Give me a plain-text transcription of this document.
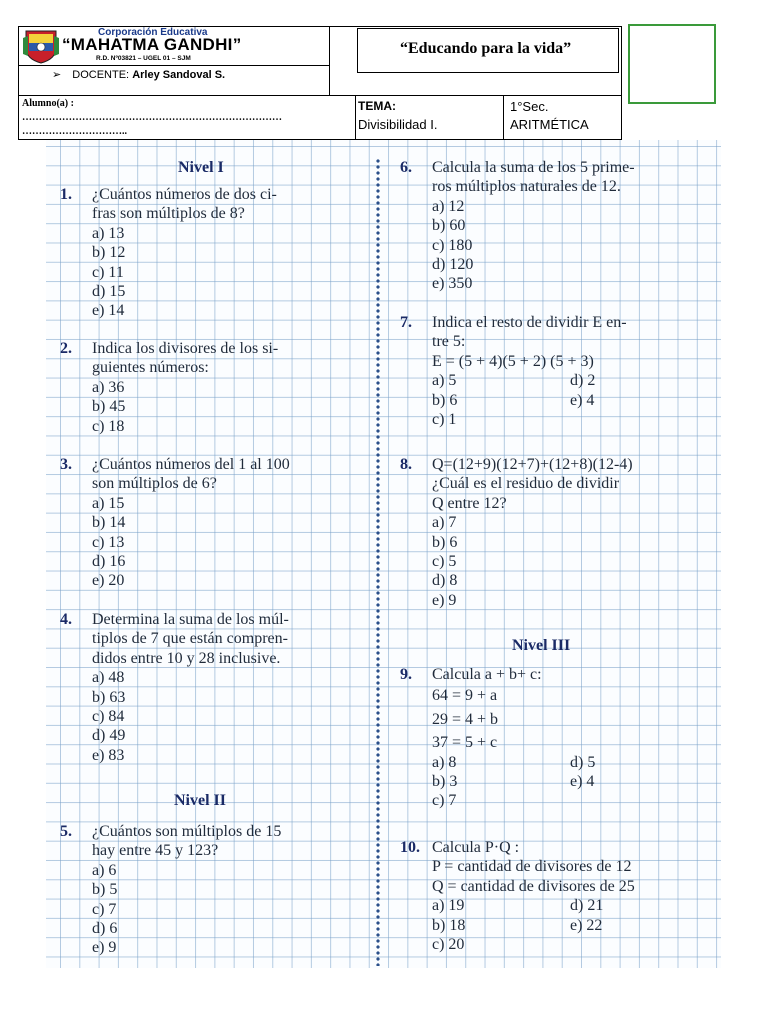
Corporación Educativa
“MAHATMA GANDHI”
R.D. Nº03821 – UGEL 01 – SJM
➢ DOCENTE: Arley Sandoval S.
“Educando para la vida”
Alumno(a) :
……………………………………………………………………
…………………………..
TEMA:
Divisibilidad I.
1°Sec.
ARITMÉTICA
Nivel I
1. ¿Cuántos números de dos ci-
fras son múltiplos de 8?
a) 13
b) 12
c) 11
d) 15
e) 14
2. Indica los divisores de los si-
guientes números:
a) 36
b) 45
c) 18
3. ¿Cuántos números del 1 al 100
son múltiplos de 6?
a) 15
b) 14
c) 13
d) 16
e) 20
4. Determina la suma de los múl-
tiplos de 7 que están compren-
didos entre 10 y 28 inclusive.
a) 48
b) 63
c) 84
d) 49
e) 83
Nivel II
5. ¿Cuántos son múltiplos de 15
hay entre 45 y 123?
a) 6
b) 5
c) 7
d) 6
e) 9
6. Calcula la suma de los 5 prime-
ros múltiplos naturales de 12.
a) 12
b) 60
c) 180
d) 120
e) 350
7. Indica el resto de dividir E en-
tre 5:
E = (5 + 4)(5 + 2) (5 + 3)
a) 5
b) 6
c) 1
d) 2
e) 4
8. Q=(12+9)(12+7)+(12+8)(12-4)
¿Cuál es el residuo de dividir
Q entre 12?
a) 7
b) 6
c) 5
d) 8
e) 9
Nivel III
9. Calcula a + b+ c:
64 = 9 + a
29 = 4 + b
37 = 5 + c
a) 8
b) 3
c) 7
d) 5
e) 4
10. Calcula P·Q :
P = cantidad de divisores de 12
Q = cantidad de divisores de 25
a) 19
b) 18
c) 20
d) 21
e) 22
